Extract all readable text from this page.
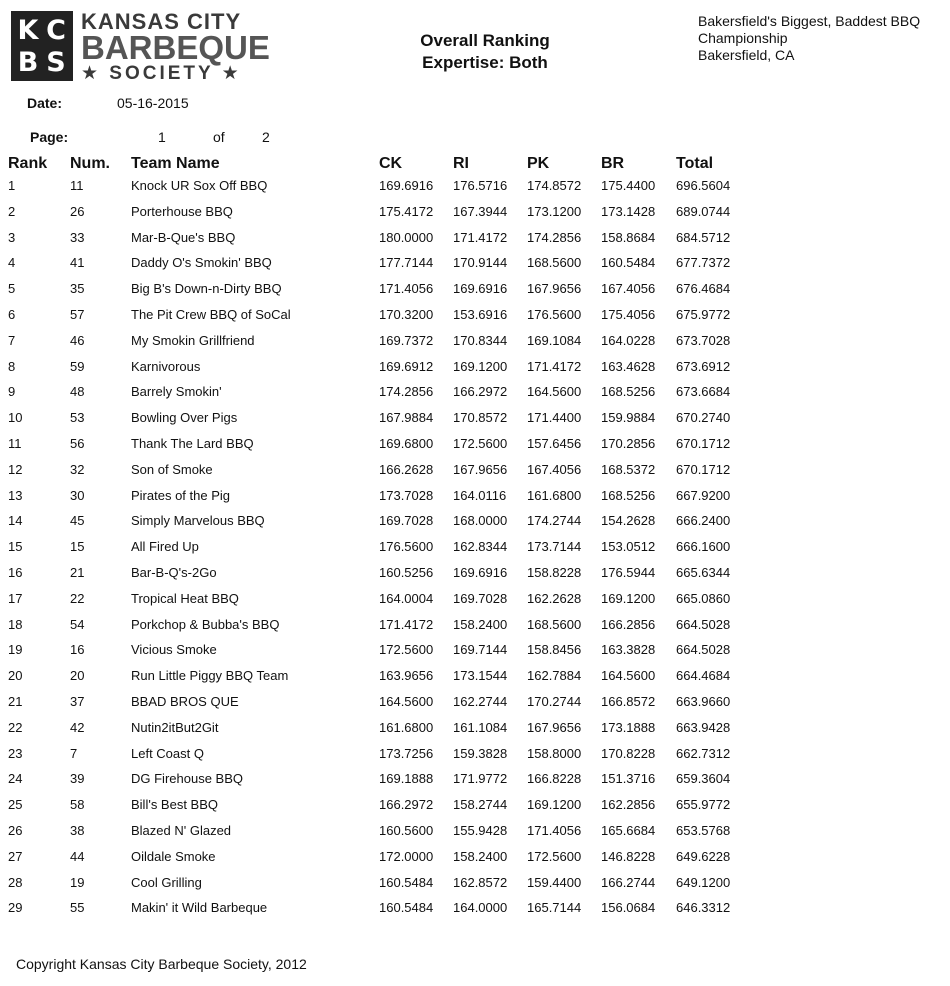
K C
B S
KANSAS CITY
BARBEQUE
★ SOCIETY ★
Overall Ranking
Expertise: Both
Bakersfield's Biggest, Baddest BBQ
Championship
Bakersfield, CA
Date:	05-16-2015
Page:	1	of	2
Rank Num. Team Name	CK	RI	PK	BR	Total
1	11	Knock UR Sox Off BBQ	169.6916 176.5716 174.8572 175.4400 696.5604
2	26	Porterhouse BBQ	175.4172 167.3944 173.1200 173.1428 689.0744
3	33	Mar-B-Que's BBQ	180.0000 171.4172 174.2856 158.8684 684.5712
4	41	Daddy O's Smokin' BBQ	177.7144 170.9144 168.5600 160.5484 677.7372
5	35	Big B's Down-n-Dirty BBQ	171.4056 169.6916 167.9656 167.4056 676.4684
6	57	The Pit Crew BBQ of SoCal	170.3200 153.6916 176.5600 175.4056 675.9772
7	46	My Smokin Grillfriend	169.7372 170.8344 169.1084 164.0228 673.7028
8	59	Karnivorous	169.6912 169.1200 171.4172 163.4628 673.6912
9	48	Barrely Smokin'	174.2856 166.2972 164.5600 168.5256 673.6684
10	53	Bowling Over Pigs	167.9884 170.8572 171.4400 159.9884 670.2740
11	56	Thank The Lard BBQ	169.6800 172.5600 157.6456 170.2856 670.1712
12	32	Son of Smoke	166.2628 167.9656 167.4056 168.5372 670.1712
13	30	Pirates of the Pig	173.7028 164.0116 161.6800 168.5256 667.9200
14	45	Simply Marvelous BBQ	169.7028 168.0000 174.2744 154.2628 666.2400
15	15	All Fired Up	176.5600 162.8344 173.7144 153.0512 666.1600
16	21	Bar-B-Q's-2Go	160.5256 169.6916 158.8228 176.5944 665.6344
17	22	Tropical Heat BBQ	164.0004 169.7028 162.2628 169.1200 665.0860
18	54	Porkchop & Bubba's BBQ	171.4172 158.2400 168.5600 166.2856 664.5028
19	16	Vicious Smoke	172.5600 169.7144 158.8456 163.3828 664.5028
20	20	Run Little Piggy BBQ Team	163.9656 173.1544 162.7884 164.5600 664.4684
21	37	BBAD BROS QUE	164.5600 162.2744 170.2744 166.8572 663.9660
22	42	Nutin2itBut2Git	161.6800 161.1084 167.9656 173.1888 663.9428
23	7	Left Coast Q	173.7256 159.3828 158.8000 170.8228 662.7312
24	39	DG Firehouse BBQ	169.1888 171.9772 166.8228 151.3716 659.3604
25	58	Bill's Best BBQ	166.2972 158.2744 169.1200 162.2856 655.9772
26	38	Blazed N' Glazed	160.5600 155.9428 171.4056 165.6684 653.5768
27	44	Oildale Smoke	172.0000 158.2400 172.5600 146.8228 649.6228
28	19	Cool Grilling	160.5484 162.8572 159.4400 166.2744 649.1200
29	55	Makin' it Wild Barbeque	160.5484 164.0000 165.7144 156.0684 646.3312
Copyright Kansas City Barbeque Society, 2012
